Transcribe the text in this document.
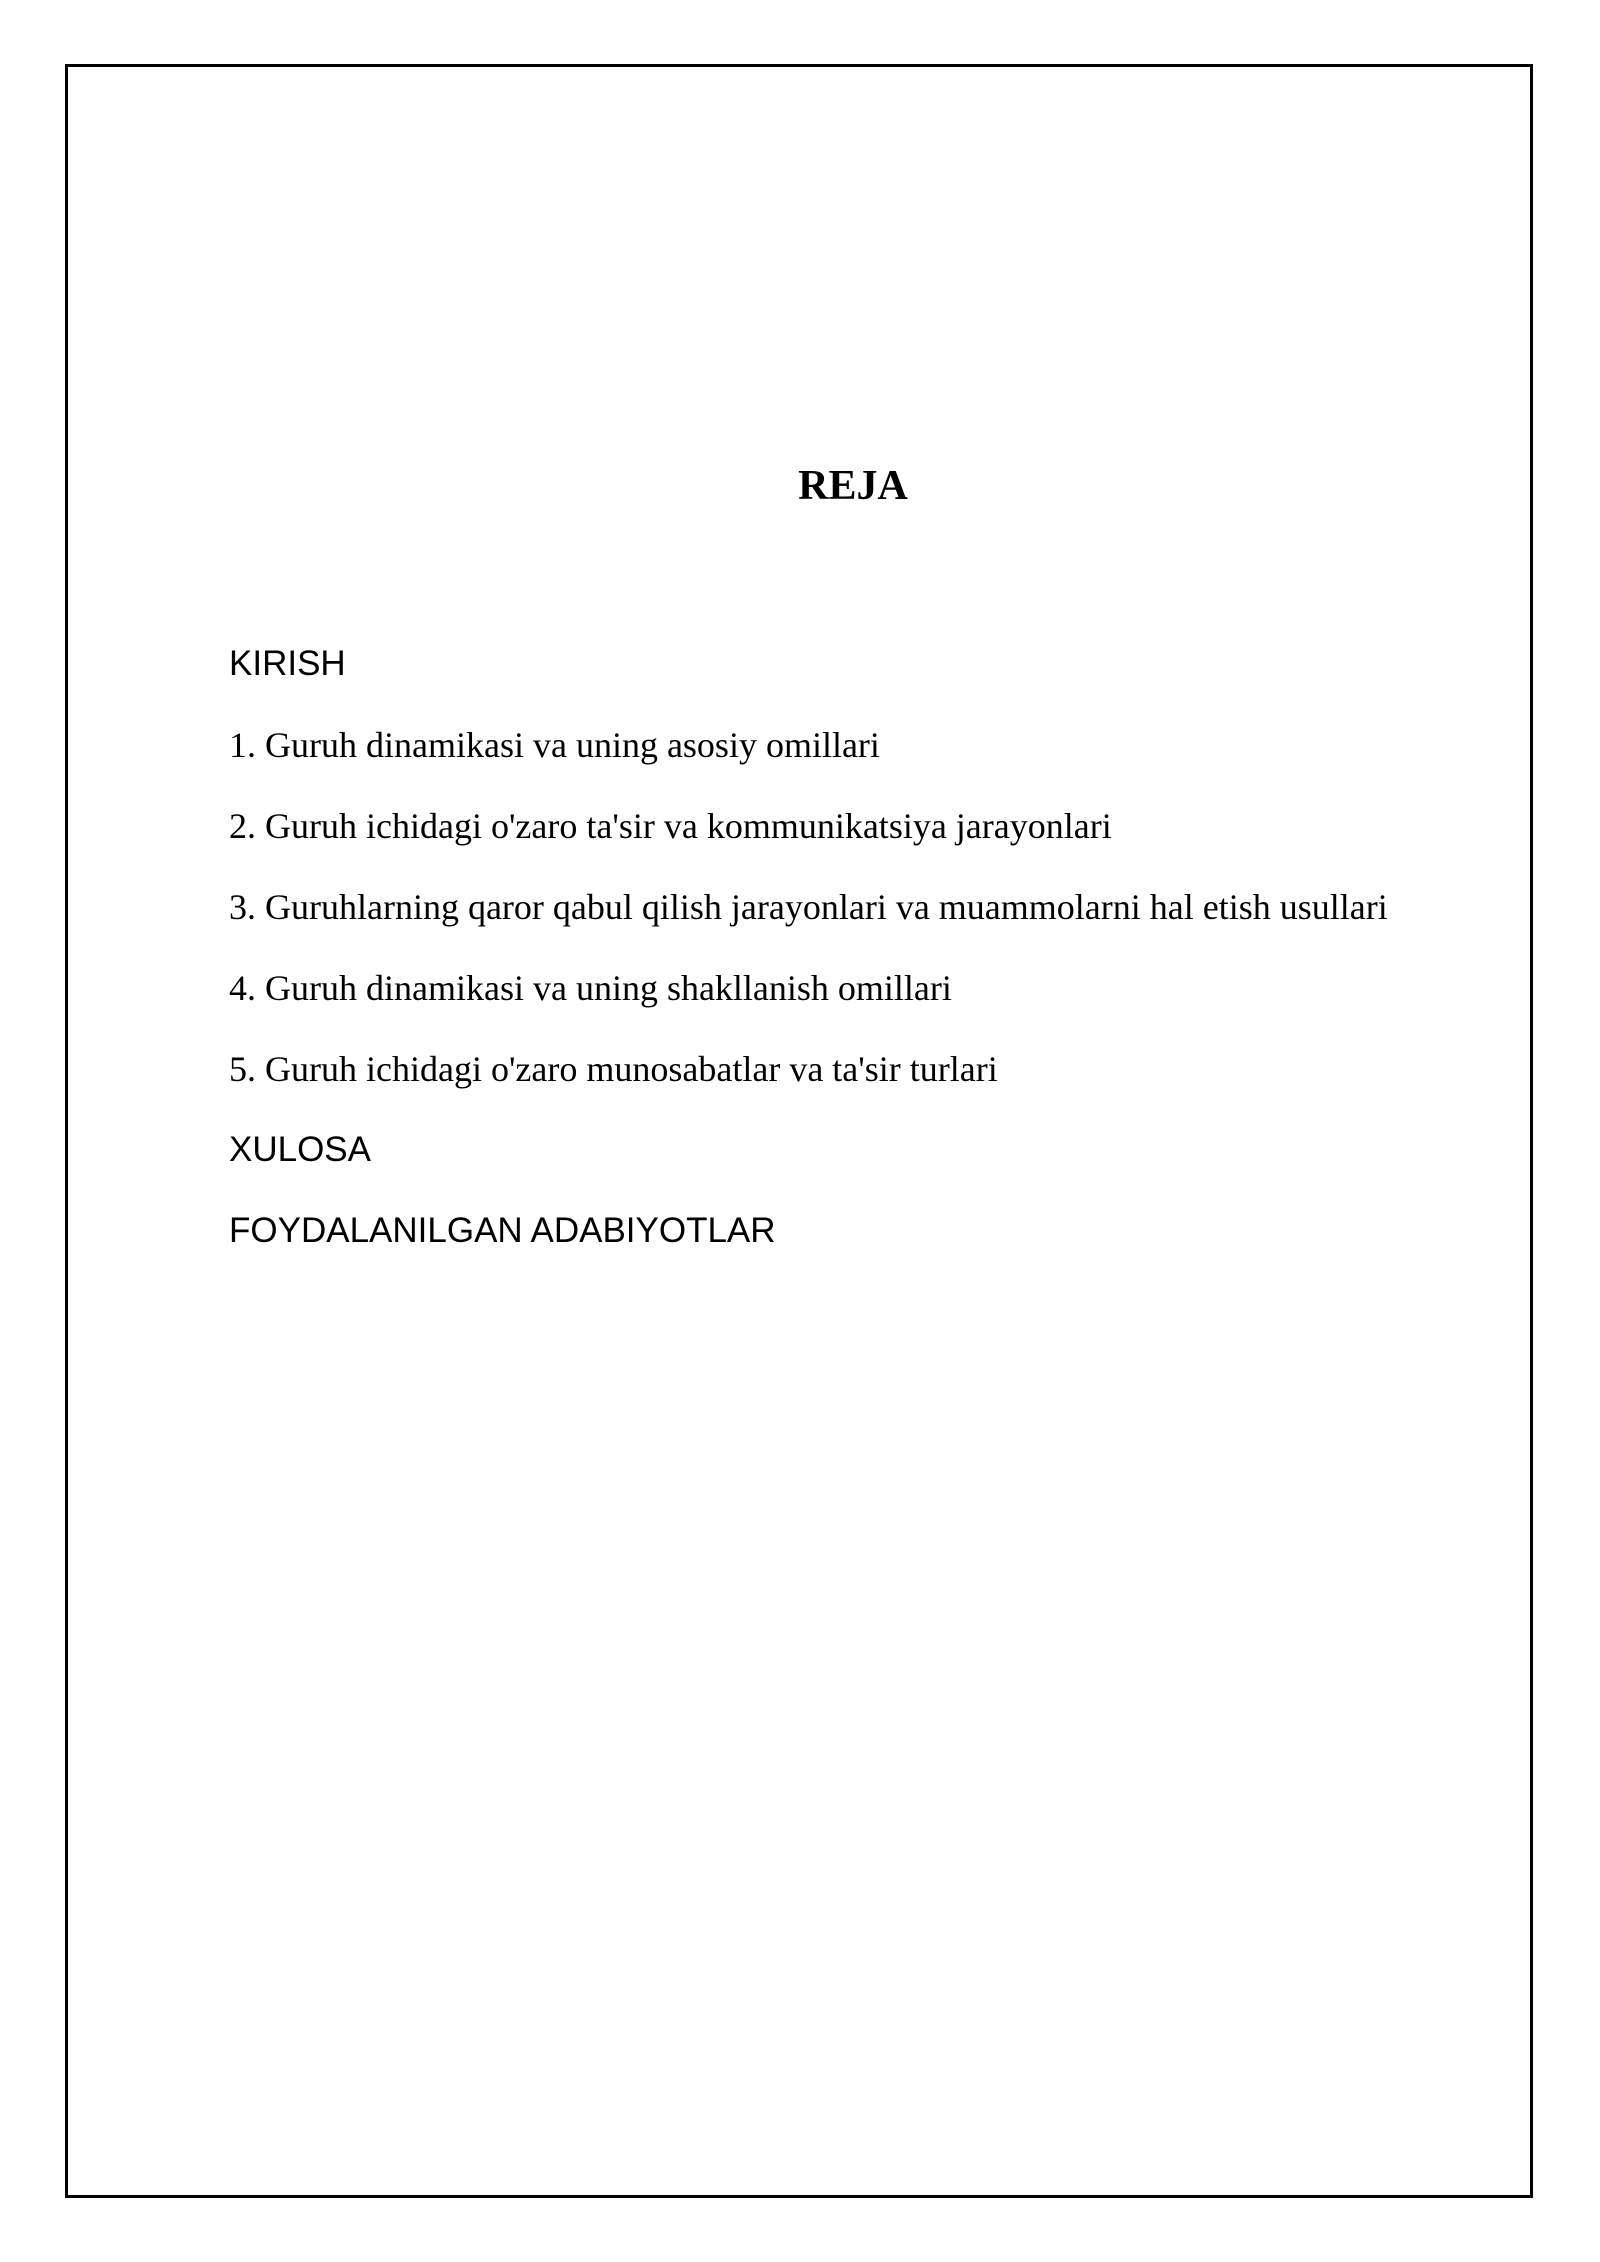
REJA
KIRISH
1. Guruh dinamikasi va uning asosiy omillari
2. Guruh ichidagi o'zaro ta'sir va kommunikatsiya jarayonlari
3. Guruhlarning qaror qabul qilish jarayonlari va muammolarni hal etish usullari
4. Guruh dinamikasi va uning shakllanish omillari
5. Guruh ichidagi o'zaro munosabatlar va ta'sir turlari
XULOSA
FOYDALANILGAN ADABIYOTLAR
